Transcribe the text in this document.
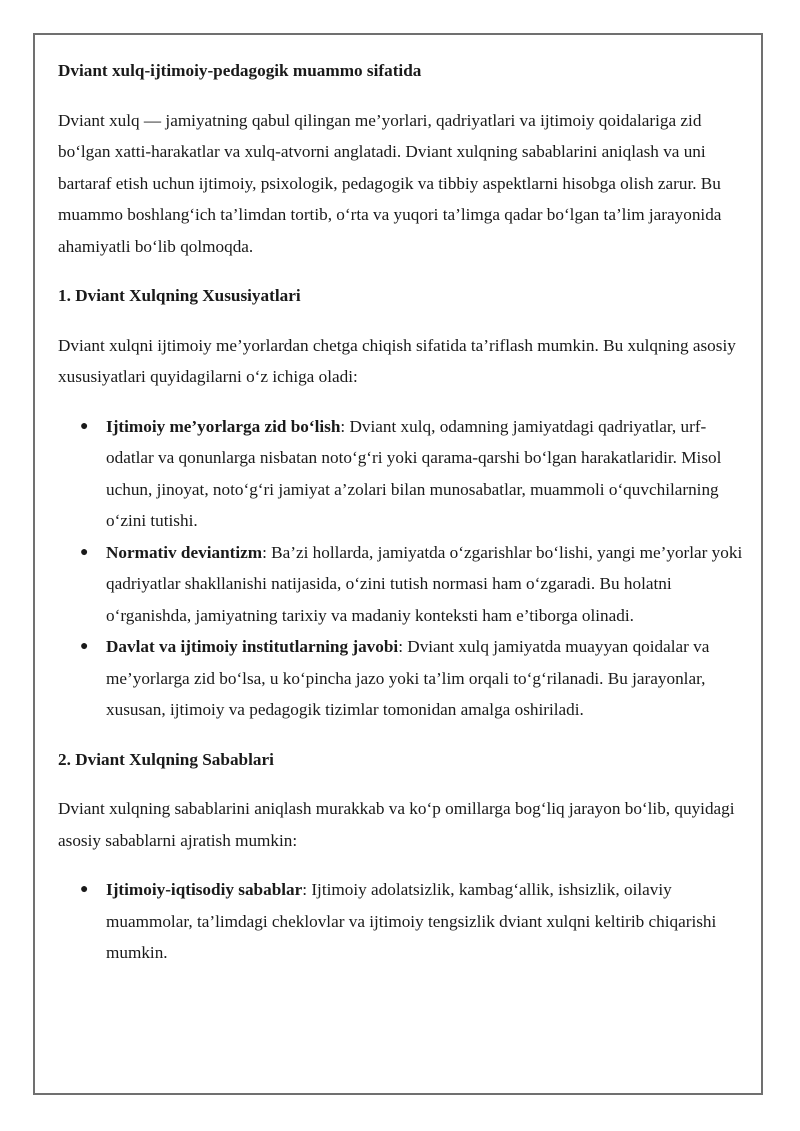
Dviant xulq-ijtimoiy-pedagogik muammo sifatida

Dviant xulq — jamiyatning qabul qilingan me’yorlari, qadriyatlari va ijtimoiy qoidalariga zid bo‘lgan xatti-harakatlar va xulq-atvorni anglatadi. Dviant xulqning sabablarini aniqlash va uni bartaraf etish uchun ijtimoiy, psixologik, pedagogik va tibbiy aspektlarni hisobga olish zarur. Bu muammo boshlang‘ich ta’limdan tortib, o‘rta va yuqori ta’limga qadar bo‘lgan ta’lim jarayonida ahamiyatli bo‘lib qolmoqda.

1. Dviant Xulqning Xususiyatlari

Dviant xulqni ijtimoiy me’yorlardan chetga chiqish sifatida ta’riflash mumkin. Bu xulqning asosiy xususiyatlari quyidagilarni o‘z ichiga oladi:

● Ijtimoiy me’yorlarga zid bo‘lish: Dviant xulq, odamning jamiyatdagi qadriyatlar, urf-odatlar va qonunlarga nisbatan noto‘g‘ri yoki qarama-qarshi bo‘lgan harakatlaridir. Misol uchun, jinoyat, noto‘g‘ri jamiyat a’zolari bilan munosabatlar, muammoli o‘quvchilarning o‘zini tutishi.
● Normativ deviantizm: Ba’zi hollarda, jamiyatda o‘zgarishlar bo‘lishi, yangi me’yorlar yoki qadriyatlar shakllanishi natijasida, o‘zini tutish normasi ham o‘zgaradi. Bu holatni o‘rganishda, jamiyatning tarixiy va madaniy konteksti ham e’tiborga olinadi.
● Davlat va ijtimoiy institutlarning javobi: Dviant xulq jamiyatda muayyan qoidalar va me’yorlarga zid bo‘lsa, u ko‘pincha jazo yoki ta’lim orqali to‘g‘rilanadi. Bu jarayonlar, xususan, ijtimoiy va pedagogik tizimlar tomonidan amalga oshiriladi.
2. Dviant Xulqning Sabablari

Dviant xulqning sabablarini aniqlash murakkab va ko‘p omillarga bog‘liq jarayon bo‘lib, quyidagi asosiy sabablarni ajratish mumkin:

● Ijtimoiy-iqtisodiy sabablar: Ijtimoiy adolatsizlik, kambag‘allik, ishsizlik, oilaviy muammolar, ta’limdagi cheklovlar va ijtimoiy tengsizlik dviant xulqni keltirib chiqarishi mumkin.
